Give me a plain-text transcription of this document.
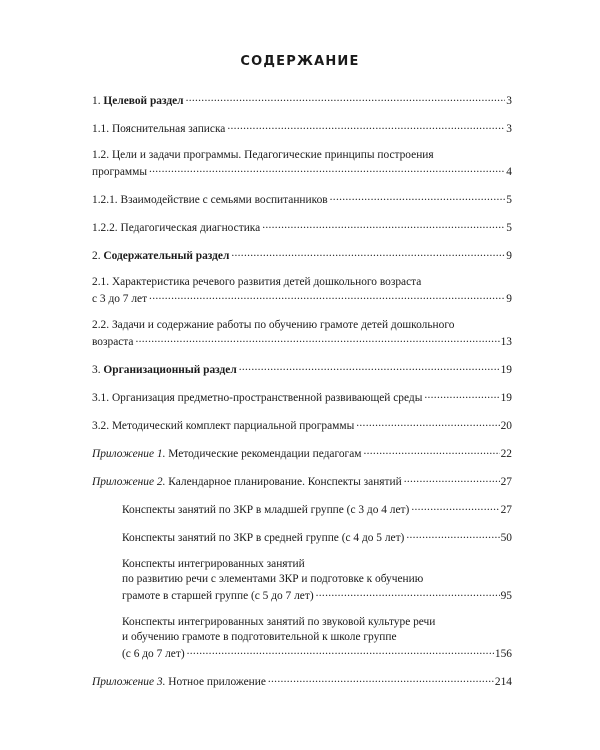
СОДЕРЖАНИЕ
1. Целевой раздел .....	3
1.1. Пояснительная записка .....	3
1.2. Цели и задачи программы. Педагогические принципы построения
программы .....	4
1.2.1. Взаимодействие с семьями воспитанников .....	5
1.2.2. Педагогическая диагностика .....	5
2. Содержательный раздел .....	9
2.1. Характеристика речевого развития детей дошкольного возраста
с 3 до 7 лет .....	9
2.2. Задачи и содержание работы по обучению грамоте детей дошкольного
возраста .....	13
3. Организационный раздел .....	19
3.1. Организация предметно-пространственной развивающей среды .....	19
3.2. Методический комплект парциальной программы .....	20
Приложение 1. Методические рекомендации педагогам .....	22
Приложение 2. Календарное планирование. Конспекты занятий .....	27
Конспекты занятий по ЗКР в младшей группе (с 3 до 4 лет) .....	27
Конспекты занятий по ЗКР в средней группе (с 4 до 5 лет) .....	50
Конспекты интегрированных занятий
по развитию речи с элементами ЗКР и подготовке к обучению
грамоте в старшей группе (с 5 до 7 лет) .....	95
Конспекты интегрированных занятий по звуковой культуре речи
и обучению грамоте в подготовительной к школе группе
(с 6 до 7 лет) .....	156
Приложение 3. Нотное приложение .....	214
